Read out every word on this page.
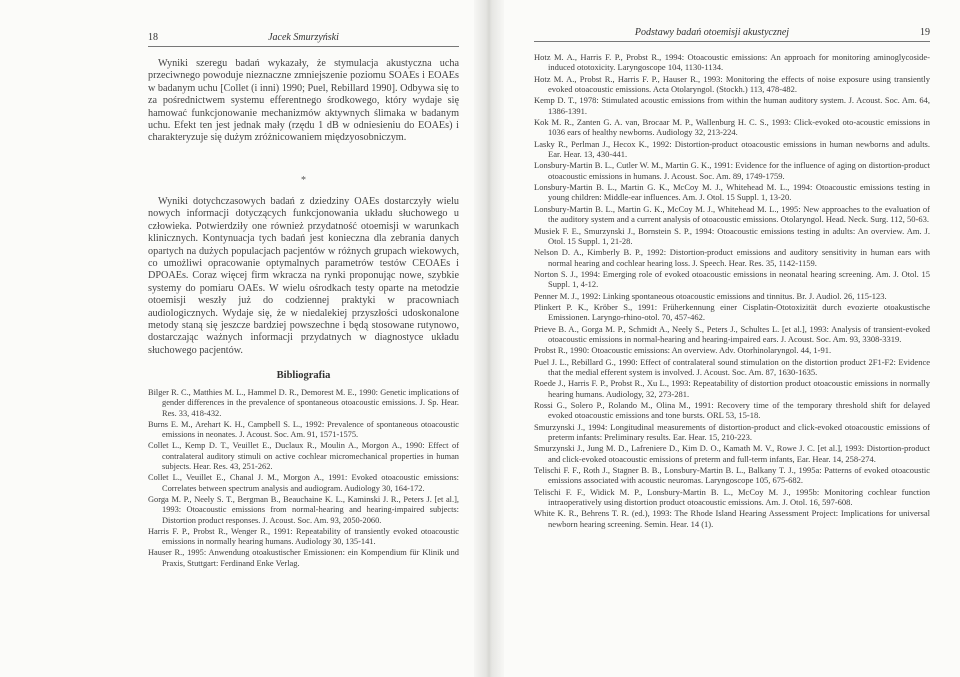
18	Jacek Smurzyński

Wyniki szeregu badań wykazały, że stymulacja akustyczna ucha przeciwnego powoduje nieznaczne zmniejszenie poziomu SOAEs i EOAEs w badanym uchu [Collet (i inni) 1990; Puel, Rebillard 1990]. Odbywa się to za pośrednictwem systemu efferentnego środkowego, który wydaje się hamować funkcjonowanie mechanizmów aktywnych ślimaka w badanym uchu. Efekt ten jest jednak mały (rzędu 1 dB w odniesieniu do EOAEs) i charakteryzuje się dużym zróżnicowaniem międzyosobniczym.

*

Wyniki dotychczasowych badań z dziedziny OAEs dostarczyły wielu nowych informacji dotyczących funkcjonowania układu słuchowego u człowieka. Potwierdziły one również przydatność otoemisji w warunkach klinicznych. Kontynuacja tych badań jest konieczna dla zebrania danych opartych na dużych populacjach pacjentów w różnych grupach wiekowych, co umożliwi opracowanie optymalnych parametrów testów CEOAEs i DPOAEs. Coraz więcej firm wkracza na rynki proponując nowe, szybkie systemy do pomiaru OAEs. W wielu ośrodkach testy oparte na metodzie otoemisji weszły już do codziennej praktyki w pracowniach audiologicznych. Wydaje się, że w niedalekiej przyszłości udoskonalone metody staną się jeszcze bardziej powszechne i będą stosowane rutynowo, dostarczając ważnych informacji przydatnych w diagnostyce układu słuchowego pacjentów.

Bibliografia

Bilger R. C., Matthies M. L., Hammel D. R., Demorest M. E., 1990: Genetic implications of gender differences in the prevalence of spontaneous otoacoustic emissions. J. Sp. Hear. Res. 33, 418-432.

Burns E. M., Arehart K. H., Campbell S. L., 1992: Prevalence of spontaneous otoacoustic emissions in neonates. J. Acoust. Soc. Am. 91, 1571-1575.

Collet L., Kemp D. T., Veuillet E., Duclaux R., Moulin A., Morgon A., 1990: Effect of contralateral auditory stimuli on active cochlear micromechanical properties in human subjects. Hear. Res. 43, 251-262.

Collet L., Veuillet E., Chanal J. M., Morgon A., 1991: Evoked otoacoustic emissions: Correlates between spectrum analysis and audiogram. Audiology 30, 164-172.

Gorga M. P., Neely S. T., Bergman B., Beauchaine K. L., Kaminski J. R., Peters J. [et al.], 1993: Otoacoustic emissions from normal-hearing and hearing-impaired subjects: Distortion product responses. J. Acoust. Soc. Am. 93, 2050-2060.

Harris F. P., Probst R., Wenger R., 1991: Repeatability of transiently evoked otoacoustic emissions in normally hearing humans. Audiology 30, 135-141.

Hauser R., 1995: Anwendung otoakustischer Emissionen: ein Kompendium für Klinik und Praxis, Stuttgart: Ferdinand Enke Verlag.

Podstawy badań otoemisji akustycznej	19

Hotz M. A., Harris F. P., Probst R., 1994: Otoacoustic emissions: An approach for monitoring aminoglycoside-induced ototoxicity. Laryngoscope 104, 1130-1134.

Hotz M. A., Probst R., Harris F. P., Hauser R., 1993: Monitoring the effects of noise exposure using transiently evoked otoacoustic emissions. Acta Otolaryngol. (Stockh.) 113, 478-482.

Kemp D. T., 1978: Stimulated acoustic emissions from within the human auditory system. J. Acoust. Soc. Am. 64, 1386-1391.

Kok M. R., Zanten G. A. van, Brocaar M. P., Wallenburg H. C. S., 1993: Click-evoked oto-acoustic emissions in 1036 ears of healthy newborns. Audiology 32, 213-224.

Lasky R., Perlman J., Hecox K., 1992: Distortion-product otoacoustic emissions in human newborns and adults. Ear. Hear. 13, 430-441.

Lonsbury-Martin B. L., Cutler W. M., Martin G. K., 1991: Evidence for the influence of aging on distortion-product otoacoustic emissions in humans. J. Acoust. Soc. Am. 89, 1749-1759.

Lonsbury-Martin B. L., Martin G. K., McCoy M. J., Whitehead M. L., 1994: Otoacoustic emissions testing in young children: Middle-ear influences. Am. J. Otol. 15 Suppl. 1, 13-20.

Lonsbury-Martin B. L., Martin G. K., McCoy M. J., Whitehead M. L., 1995: New approaches to the evaluation of the auditory system and a current analysis of otoacoustic emissions. Otolaryngol. Head. Neck. Surg. 112, 50-63.

Musiek F. E., Smurzynski J., Bornstein S. P., 1994: Otoacoustic emissions testing in adults: An overview. Am. J. Otol. 15 Suppl. 1, 21-28.

Nelson D. A., Kimberly B. P., 1992: Distortion-product emissions and auditory sensitivity in human ears with normal hearing and cochlear hearing loss. J. Speech. Hear. Res. 35, 1142-1159.

Norton S. J., 1994: Emerging role of evoked otoacoustic emissions in neonatal hearing screening. Am. J. Otol. 15 Suppl. 1, 4-12.

Penner M. J., 1992: Linking spontaneous otoacoustic emissions and tinnitus. Br. J. Audiol. 26, 115-123.

Plinkert P. K., Kröber S., 1991: Früherkennung einer Cisplatin-Ototoxizität durch evozierte otoakustische Emissionen. Laryngo-rhino-otol. 70, 457-462.

Prieve B. A., Gorga M. P., Schmidt A., Neely S., Peters J., Schultes L. [et al.], 1993: Analysis of transient-evoked otoacoustic emissions in normal-hearing and hearing-impaired ears. J. Acoust. Soc. Am. 93, 3308-3319.

Probst R., 1990: Otoacoustic emissions: An overview. Adv. Otorhinolaryngol. 44, 1-91.

Puel J. L., Rebillard G., 1990: Effect of contralateral sound stimulation on the distortion product 2F1-F2: Evidence that the medial efferent system is involved. J. Acoust. Soc. Am. 87, 1630-1635.

Roede J., Harris F. P., Probst R., Xu L., 1993: Repeatability of distortion product otoacoustic emissions in normally hearing humans. Audiology, 32, 273-281.

Rossi G., Solero P., Rolando M., Olina M., 1991: Recovery time of the temporary threshold shift for delayed evoked otoacoustic emissions and tone bursts. ORL 53, 15-18.

Smurzynski J., 1994: Longitudinal measurements of distortion-product and click-evoked otoacoustic emissions of preterm infants: Preliminary results. Ear. Hear. 15, 210-223.

Smurzynski J., Jung M. D., Lafreniere D., Kim D. O., Kamath M. V., Rowe J. C. [et al.], 1993: Distortion-product and click-evoked otoacoustic emissions of preterm and full-term infants, Ear. Hear. 14, 258-274.

Telischi F. F., Roth J., Stagner B. B., Lonsbury-Martin B. L., Balkany T. J., 1995a: Patterns of evoked otoacoustic emissions associated with acoustic neuromas. Laryngoscope 105, 675-682.

Telischi F. F., Widick M. P., Lonsbury-Martin B. L., McCoy M. J., 1995b: Monitoring cochlear function intraoperatively using distortion product otoacoustic emissions. Am. J. Otol. 16, 597-608.

White K. R., Behrens T. R. (ed.), 1993: The Rhode Island Hearing Assessment Project: Implications for universal newborn hearing screening. Semin. Hear. 14 (1).
